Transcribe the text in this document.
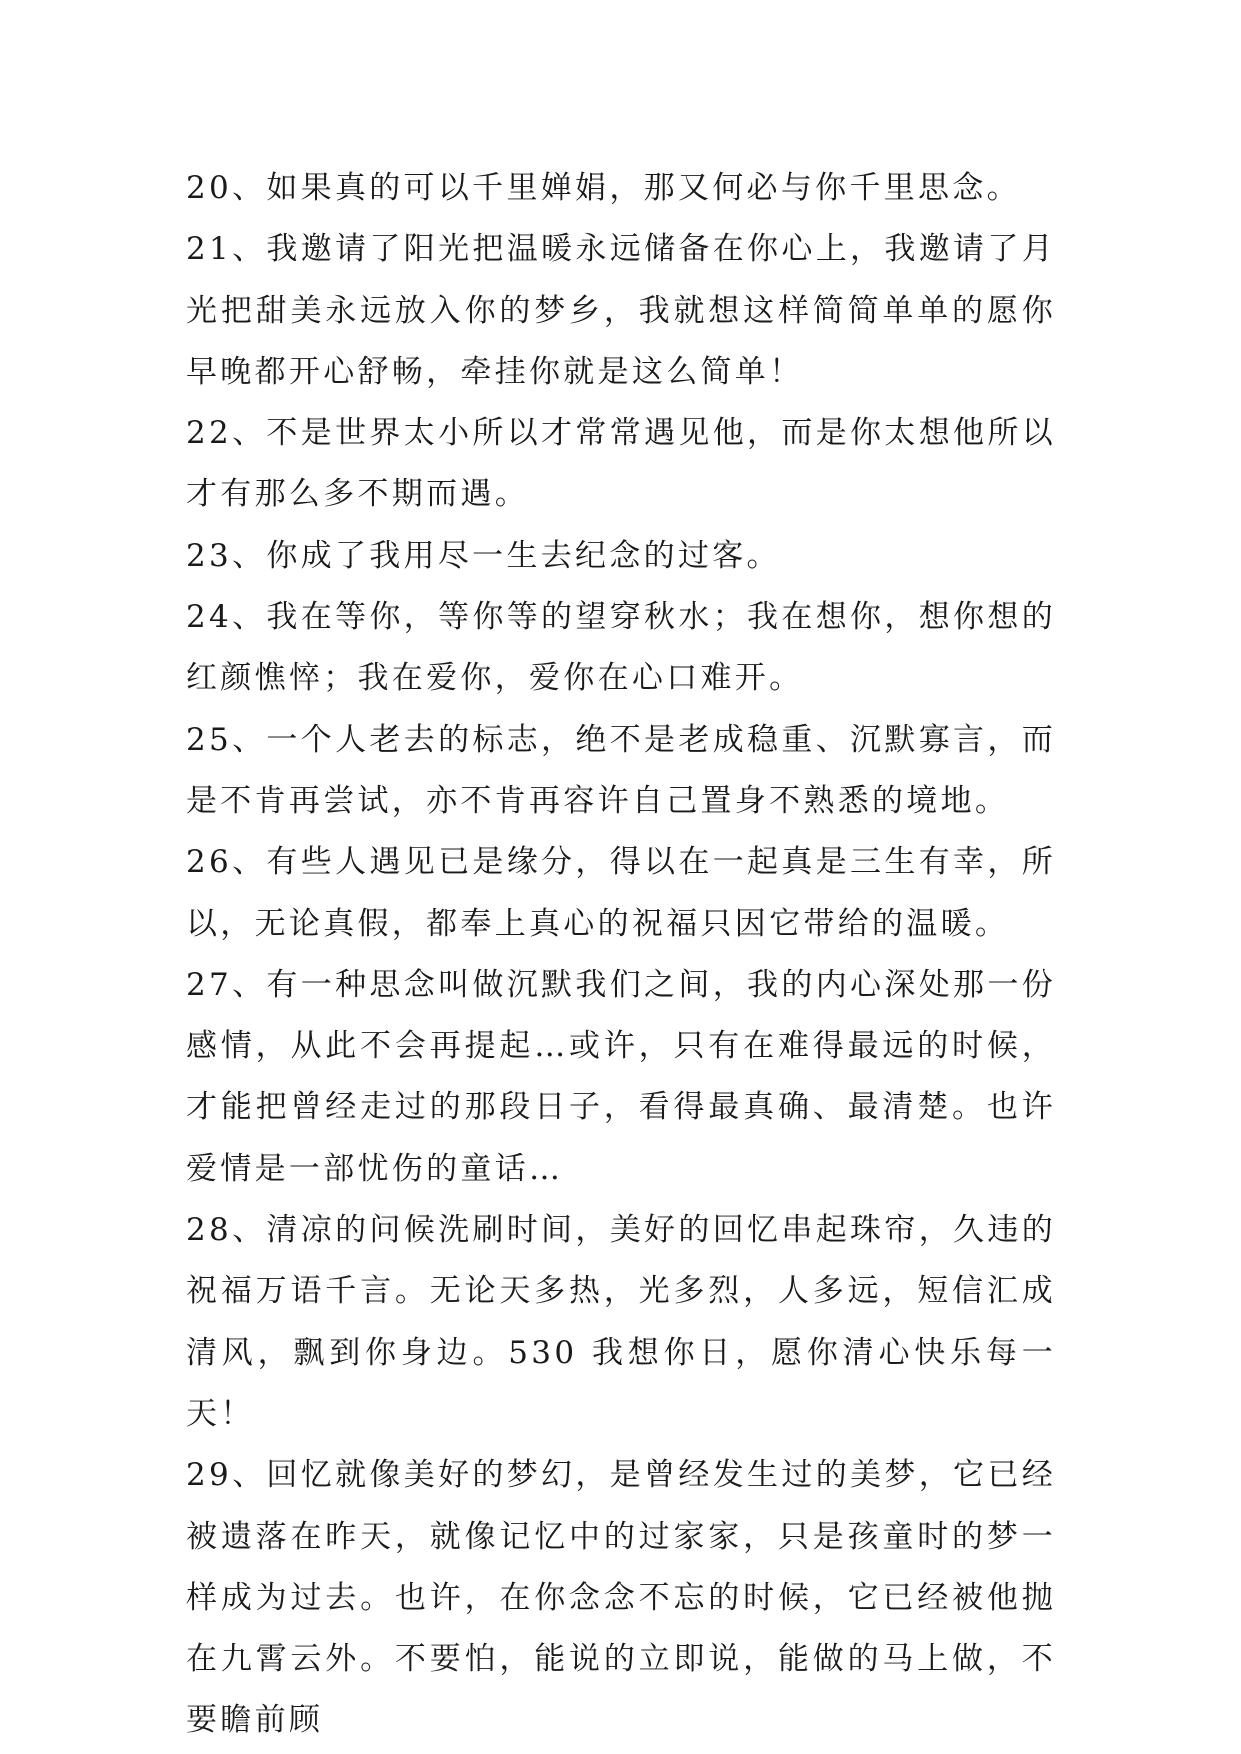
20、如果真的可以千里婵娟，那又何必与你千里思念。

21、我邀请了阳光把温暖永远储备在你心上，我邀请了月光把甜美永远放入你的梦乡，我就想这样简简单单的愿你早晚都开心舒畅，牵挂你就是这么简单！

22、不是世界太小所以才常常遇见他，而是你太想他所以才有那么多不期而遇。

23、你成了我用尽一生去纪念的过客。

24、我在等你，等你等的望穿秋水；我在想你，想你想的红颜憔悴；我在爱你，爱你在心口难开。

25、一个人老去的标志，绝不是老成稳重、沉默寡言，而是不肯再尝试，亦不肯再容许自己置身不熟悉的境地。

26、有些人遇见已是缘分，得以在一起真是三生有幸，所以，无论真假，都奉上真心的祝福只因它带给的温暖。

27、有一种思念叫做沉默我们之间，我的内心深处那一份感情，从此不会再提起…或许，只有在难得最远的时候，才能把曾经走过的那段日子，看得最真确、最清楚。也许爱情是一部忧伤的童话…

28、清凉的问候洗刷时间，美好的回忆串起珠帘，久违的祝福万语千言。无论天多热，光多烈，人多远，短信汇成清风，飘到你身边。530 我想你日，愿你清心快乐每一天！

29、回忆就像美好的梦幻，是曾经发生过的美梦，它已经被遗落在昨天，就像记忆中的过家家，只是孩童时的梦一样成为过去。也许，在你念念不忘的时候，它已经被他抛在九霄云外。不要怕，能说的立即说，能做的马上做，不要瞻前顾
